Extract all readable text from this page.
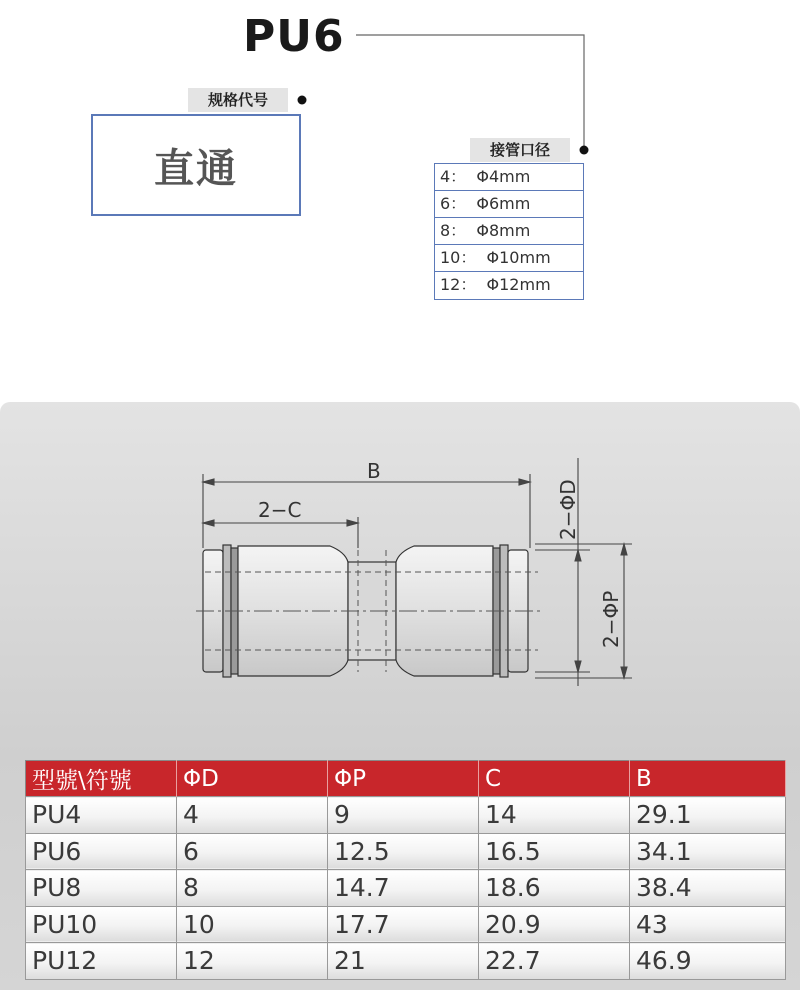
PU6
规格代号
直通	接管口径
4：  Φ4mm
6：  Φ6mm
8：  Φ8mm
10：  Φ10mm
12：  Φ12mm
B
2−C	2−ΦD
2−ΦP
型號\符號	ΦD	ΦP	C	B
PU4	4	9	14	29.1
PU6	6	12.5	16.5	34.1
PU8	8	14.7	18.6	38.4
PU10	10	17.7	20.9	43
PU12	12	21	22.7	46.9
